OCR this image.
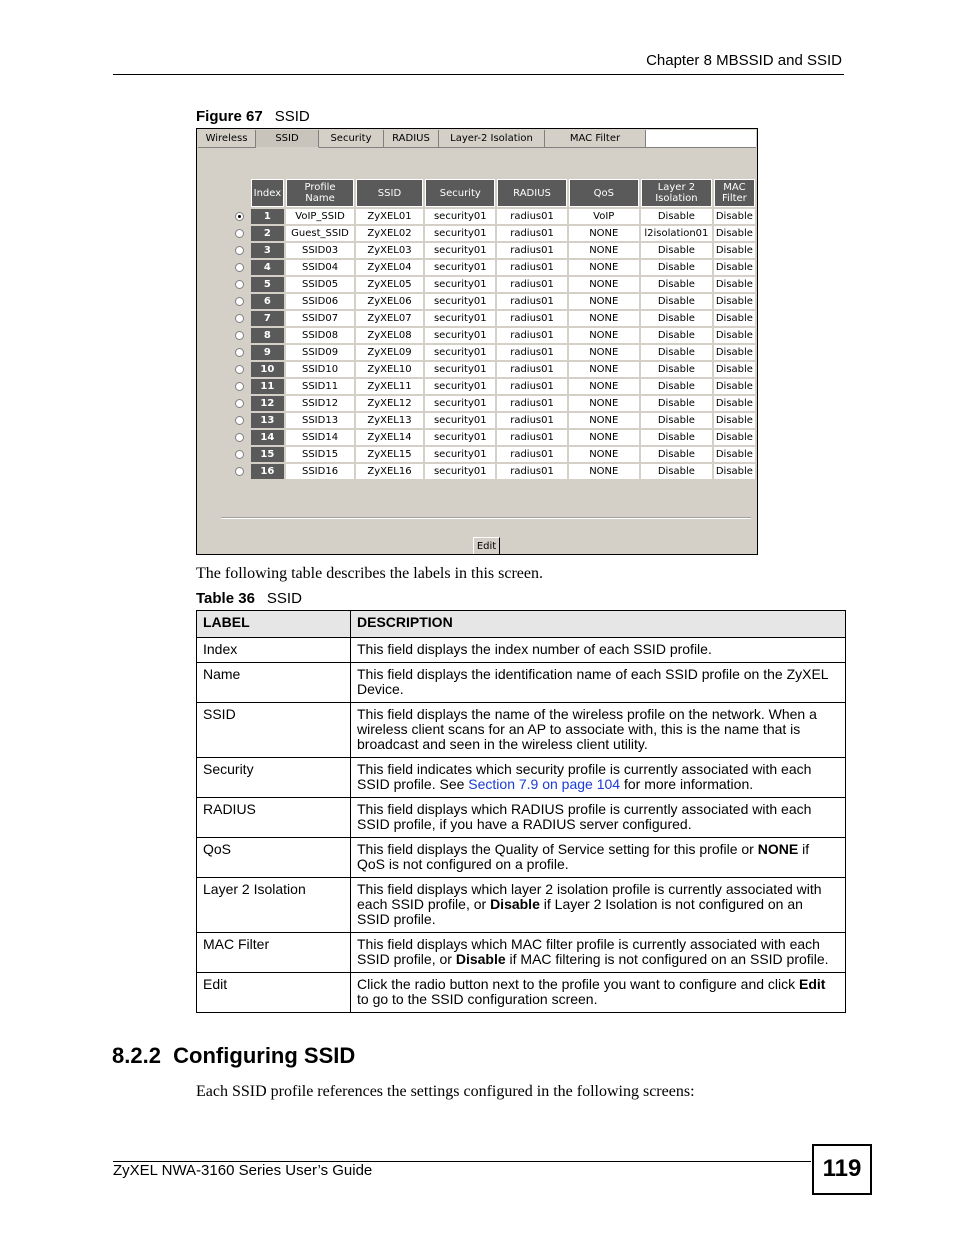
Chapter 8 MBSSID and SSID
Figure 67 SSID
Wireless	SSID	Security	RADIUS	Layer-2 Isolation	MAC Filter
	Index	Profile Name	SSID	Security	RADIUS	QoS	Layer 2 Isolation	MAC Filter
	1	VoIP_SSID	ZyXEL01	security01	radius01	VoIP	Disable	Disable
	2	Guest_SSID	ZyXEL02	security01	radius01	NONE	l2isolation01	Disable
	3	SSID03	ZyXEL03	security01	radius01	NONE	Disable	Disable
	4	SSID04	ZyXEL04	security01	radius01	NONE	Disable	Disable
	5	SSID05	ZyXEL05	security01	radius01	NONE	Disable	Disable
	6	SSID06	ZyXEL06	security01	radius01	NONE	Disable	Disable
	7	SSID07	ZyXEL07	security01	radius01	NONE	Disable	Disable
	8	SSID08	ZyXEL08	security01	radius01	NONE	Disable	Disable
	9	SSID09	ZyXEL09	security01	radius01	NONE	Disable	Disable
	10	SSID10	ZyXEL10	security01	radius01	NONE	Disable	Disable
	11	SSID11	ZyXEL11	security01	radius01	NONE	Disable	Disable
	12	SSID12	ZyXEL12	security01	radius01	NONE	Disable	Disable
	13	SSID13	ZyXEL13	security01	radius01	NONE	Disable	Disable
	14	SSID14	ZyXEL14	security01	radius01	NONE	Disable	Disable
	15	SSID15	ZyXEL15	security01	radius01	NONE	Disable	Disable
	16	SSID16	ZyXEL16	security01	radius01	NONE	Disable	Disable
Edit
The following table describes the labels in this screen.
Table 36 SSID
LABEL	DESCRIPTION
Index	This field displays the index number of each SSID profile.
Name	This field displays the identification name of each SSID profile on the ZyXEL Device.
SSID	This field displays the name of the wireless profile on the network. When a wireless client scans for an AP to associate with, this is the name that is broadcast and seen in the wireless client utility.
Security	This field indicates which security profile is currently associated with each SSID profile. See Section 7.9 on page 104 for more information.
RADIUS	This field displays which RADIUS profile is currently associated with each SSID profile, if you have a RADIUS server configured.
QoS	This field displays the Quality of Service setting for this profile or NONE if QoS is not configured on a profile.
Layer 2 Isolation	This field displays which layer 2 isolation profile is currently associated with each SSID profile, or Disable if Layer 2 Isolation is not configured on an SSID profile.
MAC Filter	This field displays which MAC filter profile is currently associated with each SSID profile, or Disable if MAC filtering is not configured on an SSID profile.
Edit	Click the radio button next to the profile you want to configure and click Edit to go to the SSID configuration screen.
8.2.2 Configuring SSID
Each SSID profile references the settings configured in the following screens:
ZyXEL NWA-3160 Series User’s Guide	119
